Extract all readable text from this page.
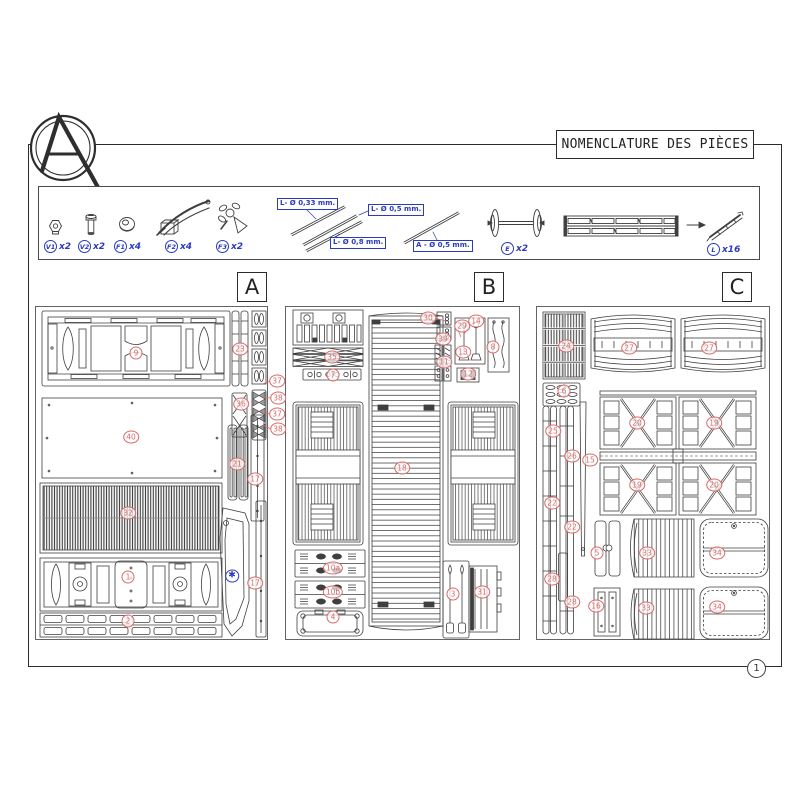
NOMENCLATURE DES PIÈCES
V1 x2 V2 x2	F1 x4	F2 x4	F3 x2	E x2	L x16
L- Ø 0,33 mm.
L- Ø 0,5 mm.
L- Ø 0,8 mm.	A - Ø 0,5 mm.
9	23
37
38
36
37
38
40
21
17
32
1	✱
17
2
30	14
29
39
8
13
35
11
12
7
18
10a
10b	31
3
4
24	27	27
6
20	19
25
26	15
19	20
22
22
5	33	34
28
28	16	33	34
1
A	B	C
